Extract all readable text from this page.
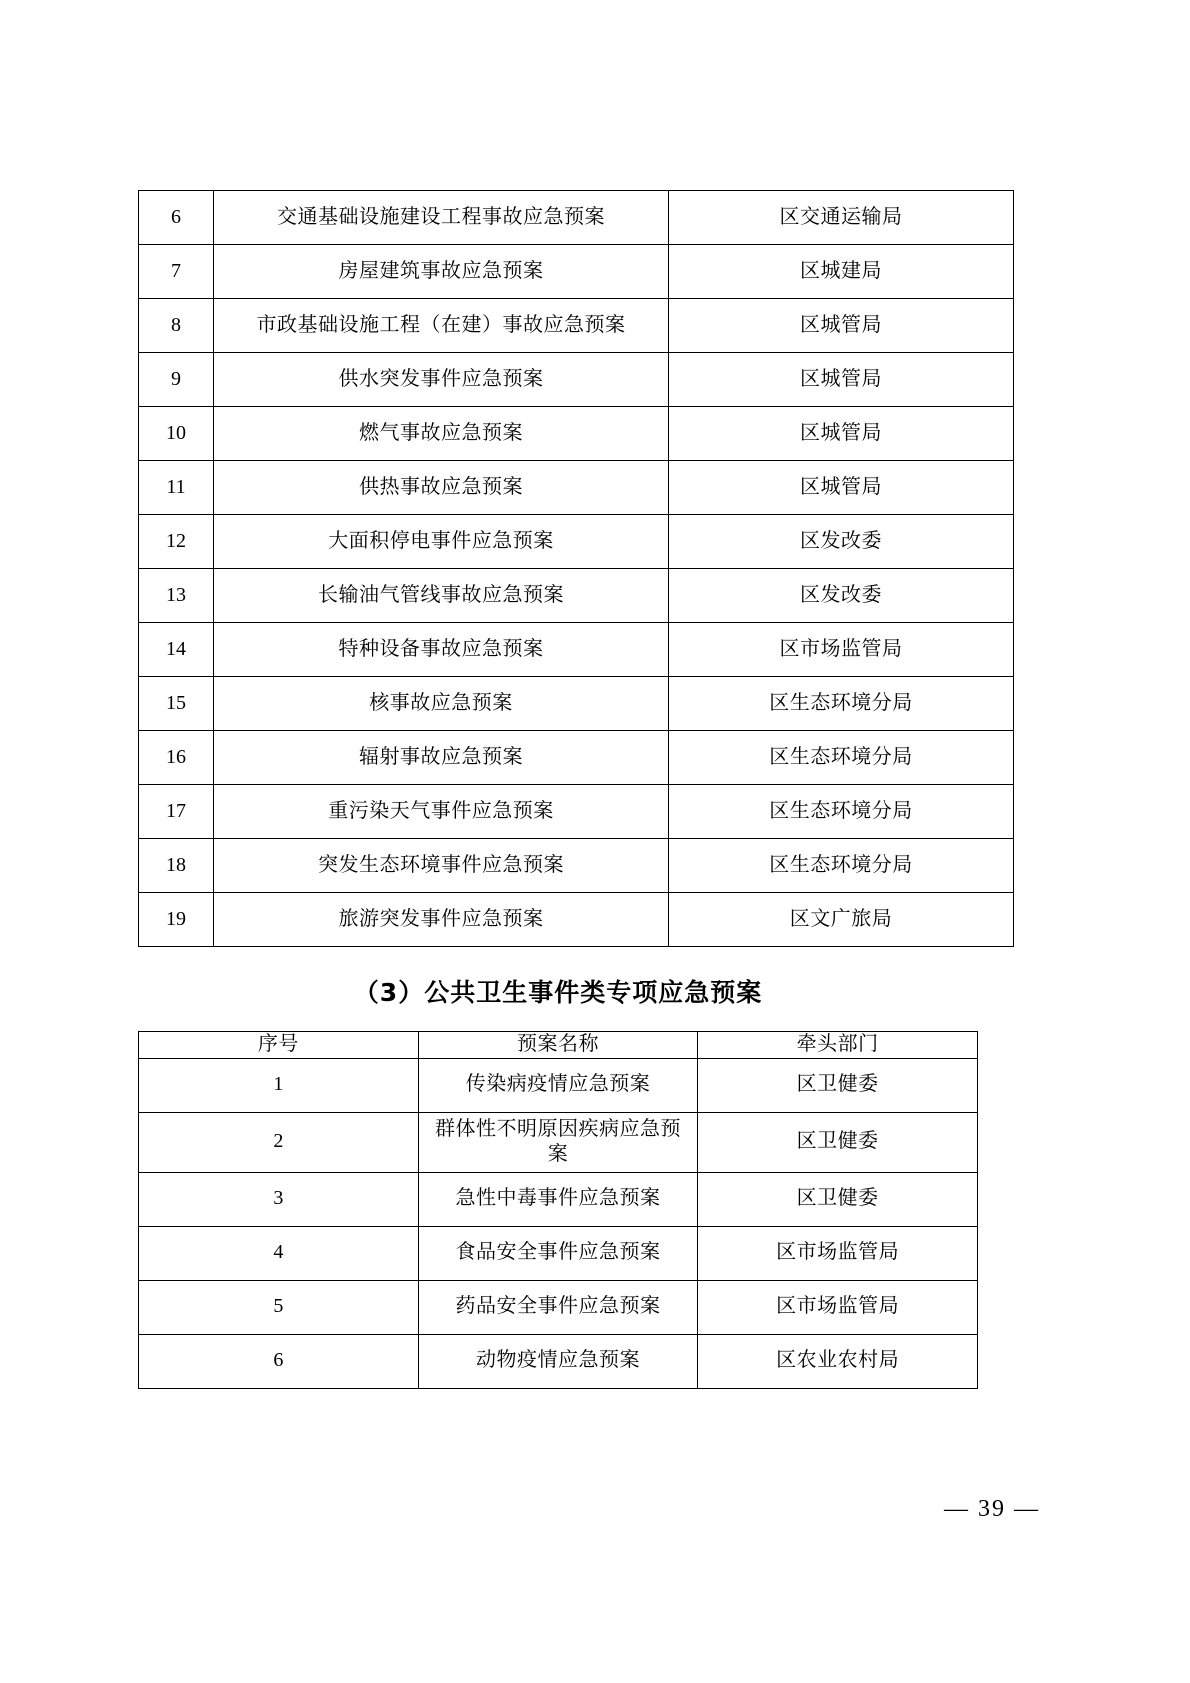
6	交通基础设施建设工程事故应急预案	区交通运输局
7	房屋建筑事故应急预案	区城建局
8	市政基础设施工程（在建）事故应急预案	区城管局
9	供水突发事件应急预案	区城管局
10	燃气事故应急预案	区城管局
11	供热事故应急预案	区城管局
12	大面积停电事件应急预案	区发改委
13	长输油气管线事故应急预案	区发改委
14	特种设备事故应急预案	区市场监管局
15	核事故应急预案	区生态环境分局
16	辐射事故应急预案	区生态环境分局
17	重污染天气事件应急预案	区生态环境分局
18	突发生态环境事件应急预案	区生态环境分局
19	旅游突发事件应急预案	区文广旅局
（3）公共卫生事件类专项应急预案
序号	预案名称	牵头部门
1	传染病疫情应急预案	区卫健委
2	群体性不明原因疾病应急预案	区卫健委
3	急性中毒事件应急预案	区卫健委
4	食品安全事件应急预案	区市场监管局
5	药品安全事件应急预案	区市场监管局
6	动物疫情应急预案	区农业农村局
— 39 —
